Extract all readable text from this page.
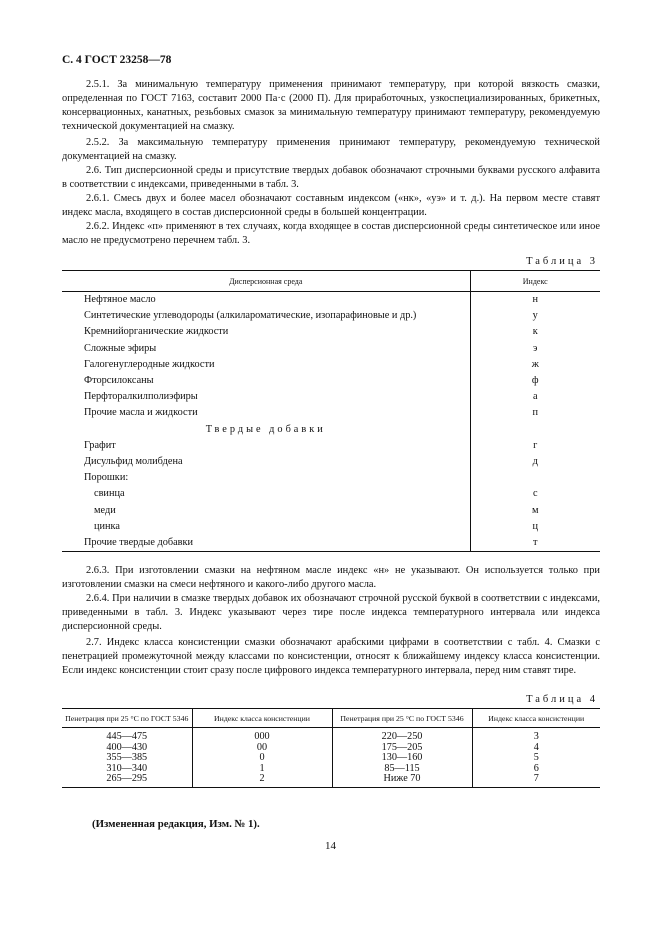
С. 4 ГОСТ 23258—78

2.5.1. За минимальную температуру применения принимают температуру, при которой вязкость смазки, определенная по ГОСТ 7163, составит 2000 Па·с (2000 П). Для приработочных, узкоспециализированных, брикетных, консервационных, канатных, резьбовых смазок за минимальную температуру принимают температуру, рекомендуемую технической документацией на смазку.

2.5.2. За максимальную температуру применения принимают температуру, рекомендуемую технической документацией на смазку.

2.6. Тип дисперсионной среды и присутствие твердых добавок обозначают строчными буквами русского алфавита в соответствии с индексами, приведенными в табл. 3.

2.6.1. Смесь двух и более масел обозначают составным индексом («нк», «уэ» и т. д.). На первом месте ставят индекс масла, входящего в состав дисперсионной среды в большей концентрации.

2.6.2. Индекс «п» применяют в тех случаях, когда входящее в состав дисперсионной среды синтетическое или иное масло не предусмотрено перечнем табл. 3.

Таблица 3
Дисперсионная среда	Индекс
Нефтяное масло	н
Синтетические углеводороды (алкилароматические, изопарафиновые и др.)	у
Кремнийорганические жидкости	к
Сложные эфиры	э
Галогенуглеродные жидкости	ж
Фторсилоксаны	ф
Перфторалкилполиэфиры	а
Прочие масла и жидкости	п
Твердые добавки	
Графит	г
Дисульфид молибдена	д
Порошки:	
свинца	с
меди	м
цинка	ц
Прочие твердые добавки	т

2.6.3. При изготовлении смазки на нефтяном масле индекс «н» не указывают. Он используется только при изготовлении смазки на смеси нефтяного и какого-либо другого масла.

2.6.4. При наличии в смазке твердых добавок их обозначают строчной русской буквой в соответствии с индексами, приведенными в табл. 3. Индекс указывают через тире после индекса температурного интервала или индекса дисперсионной среды.

2.7. Индекс класса консистенции смазки обозначают арабскими цифрами в соответствии с табл. 4. Смазки с пенетрацией промежуточной между классами по консистенции, относят к ближайшему индексу класса консистенции. Если индекс консистенции стоит сразу после цифрового индекса температурного интервала, перед ним ставят тире.

Таблица 4
Пенетрация при 25 °С по ГОСТ 5346	Индекс класса консистенции	Пенетрация при 25 °С по ГОСТ 5346	Индекс класса консистенции
445—475	000	220—250	3
400—430	00	175—205	4
355—385	0	130—160	5
310—340	1	85—115	6
265—295	2	Ниже 70	7
(Измененная редакция, Изм. № 1).
14
